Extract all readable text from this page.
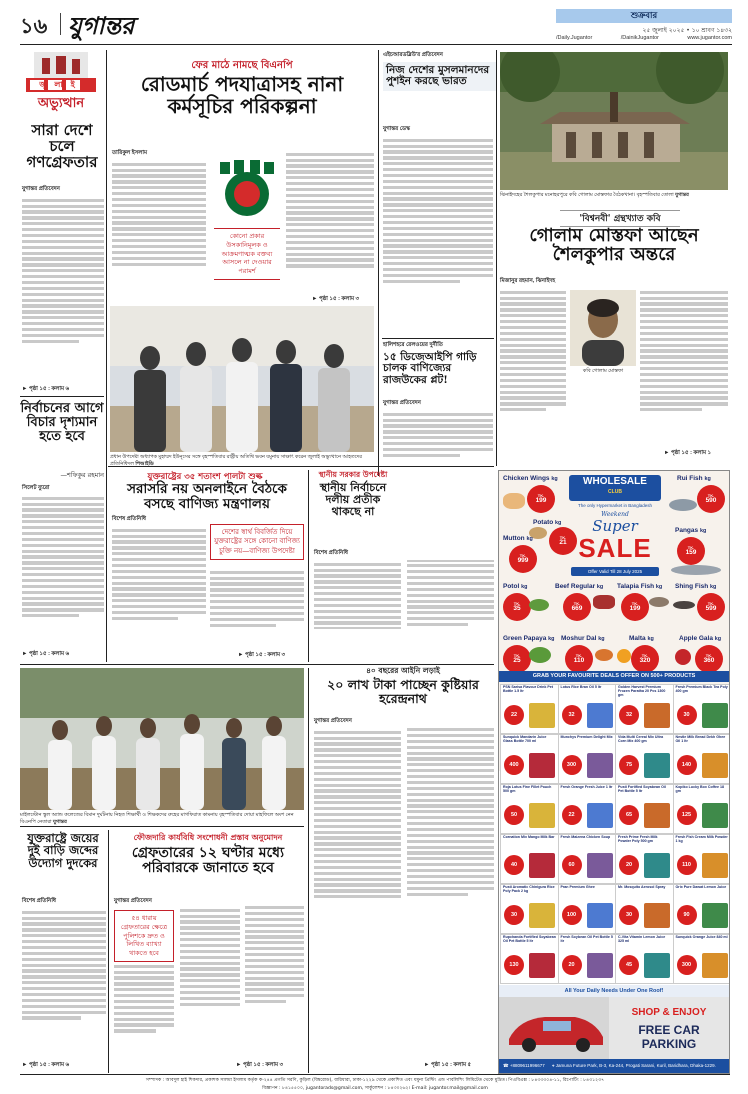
১৬ যুগান্তর	শুক্রবার
২৫ জুলাই ২০২৫ • ১০ শ্রাবণ ১৪৩২
/Daily.Jugantor	/DainikJugantor	www.jugantor.com
জুলাই
অভ্যুত্থান
সারা দেশে চলে গণগ্রেফতার
যুগান্তর প্রতিবেদন
► পৃষ্ঠা ১৫ : কলাম ৬
নির্বাচনের আগে বিচার দৃশ্যমান হতে হবে
—শফিকুর রহমান
সিলেট ব্যুরো
► পৃষ্ঠা ১৫ : কলাম ৬
ফের মাঠে নামছে বিএনপি
রোডমার্চ পদযাত্রাসহ নানা কর্মসূচির পরিকল্পনা
তারিকুল ইসলাম
কোনো প্রকার উসকানিমূলক ও আক্রমণাত্মক বক্তব্য আসলে না দেওয়ার পরামর্শ
► পৃষ্ঠা ১৫ : কলাম ৩
প্রধান উপদেষ্টা অধ্যাপক মুহাম্মদ ইউনূসের সঙ্গে বৃহস্পতিবার রাষ্ট্রীয় অতিথি ভবন যমুনায় সাক্ষাৎ করেন জুলাই অভ্যুত্থানে আহতদের প্রতিনিধিদল পিআইডি
এইচআরডব্লিউ'র প্রতিবেদন
নিজ দেশের মুসলমানদের পুশইন করছে ভারত
যুগান্তর ডেস্ক
হালিশহরে রেলওয়ের দুর্নীতি
১৫ ডিজেআইপি গাড়ি চালক বাণিজ্যের রাজউকের প্লট!
যুগান্তর প্রতিবেদন
ঝিনাইদহের শৈলকুপার মনোহরপুরে কবি গোলাম মোস্তফার বৈঠকখানা। বৃহস্পতিবার তোলা যুগান্তর
'বিশ্বনবী' গ্রন্থখ্যাত কবি
গোলাম মোস্তফা আছেন শৈলকুপার অন্তরে
মিজানুর রহমান, ঝিনাইদহ
কবি গোলাম মোস্তফা
► পৃষ্ঠা ১৫ : কলাম ১
যুক্তরাষ্ট্রের ৩৫ শতাংশ পালটা শুল্ক
সরাসরি নয় অনলাইনে বৈঠকে বসছে বাণিজ্য মন্ত্রণালয়
বিশেষ প্রতিনিধি
দেশের স্বার্থ বিবর্জিত দিয়ে যুক্তরাষ্ট্রের সঙ্গে কোনো বাণিজ্য চুক্তি নয়—বাণিজ্য উপদেষ্টা
► পৃষ্ঠা ১৫ : কলাম ৩
স্থানীয় সরকার উপদেষ্টা
স্থানীয় নির্বাচনে দলীয় প্রতীক থাকছে না
বিশেষ প্রতিনিধি
মাইলস্টোন স্কুল অ্যান্ড কলেজের বিমান দুর্ঘটনায় নিহত শিক্ষার্থী ও শিক্ষকদের রুহের মাগফিরাত কামনায় বৃহস্পতিবার দোয়া মাহফিলে অংশ নেন বিএনপি নেতারা যুগান্তর
৪০ বছরের আইনি লড়াই
২০ লাখ টাকা পাচ্ছেন কুষ্টিয়ার হরেন্দ্রনাথ
যুগান্তর প্রতিবেদন
► পৃষ্ঠা ১৫ : কলাম ৫
যুক্তরাষ্ট্রে জয়ের দুই বাড়ি জব্দের উদ্যোগ দুদকের
বিশেষ প্রতিনিধি
► পৃষ্ঠা ১৫ : কলাম ৬
ফৌজদারি কার্যবিধি সংশোধনী প্রস্তাব অনুমোদন
গ্রেফতারের ১২ ঘণ্টার মধ্যে পরিবারকে জানাতে হবে
যুগান্তর প্রতিবেদন
৫৪ ধারায় গ্রেফতারের ক্ষেত্রে পুলিশকে দ্রুত ও লিখিত ব্যাখ্যা থাকতে হবে
► পৃষ্ঠা ১৫ : কলাম ৩
WHOLESALE
CLUB
The only Hypermarket in Bangladesh
Weekend
Super
SALE
Offer Valid Till 28 July 2025
Chicken Wings kg
TK.
199
Rui Fish kg
TK.
590
Potato kg
TK.
21
Mutton kg
TK.
999
Pangas kg
TK.
159
Potol kg
TK.
35
Beef Regular kg
TK.
669
Talapia Fish kg
TK.
199
Shing Fish kg
TK.
599
Green Papaya kg
TK.
25
Moshur Dal kg
TK.
110
Malta kg
TK.
320
Apple Gala kg
TK.
360
GRAB YOUR FAVOURITE DEALS OFFER ON 500+ PRODUCTS
PSN Sarisa Flavour Drink Pet Bottle 1.5 ltr
22
Lotus Rice Bran Oil 5 ltr
32
Golden Harvest Premium Frozen Paratha 20 Pcs 1300 gm
32
Fresh Premium Black Tea Poly 400 gm
30
Sunquick Mandarin Juice Glass Bottle 700 ml
400
Munchys Premium Delight Mix
300
Vida Multi Cereal Mix Ultra Corn Mix 400 gm
75
Nestle Milk Bread Dekh Ghee Oil 1 ltr
140
Roja Lotus Fine Fillet Pouch 500 gm
50
Fresh Orange Fresh Juice 1 ltr
22
Pusti Fortified Soyabean Oil Pet Bottle 5 ltr
65
Kopiko Lucky Box Coffee 18 gm
125
Cornation Mix Mango Milk Bar
40
Fresh Maizena Chicken Soup
60
Fresh Prime Fresh Milk Powder Poly 500 gm
20
Fresh Fish Cream Milk Powder 1 kg
110
Pusti Aromatic Chinigura Rice Poly Pack 2 kg
30
Pran Premium Ghee
100
Mr. Mosquito Aerosol Spray
30
Orix Pure Dawat Lemon Juice
90
Rupchanda Fortified Soyabean Oil Pet Bottle 5 ltr
130
Fresh Soybean Oil Pet Bottle 5 ltr
20
C-Vita Vitamin Lemon Juice 325 ml
45
Sunquick Orange Juice 840 ml
300
All Your Daily Needs Under One Roof!
SHOP & ENJOY
FREE CAR PARKING
☎ +8809611996677 ⌖ Jamuna Future Park, B-3, Ka-244, Progati Sarani, Kuril, Baridhara, Dhaka-1229.
সম্পাদক : আবদুল হাই শিকদার, প্রকাশক সালমা ইসলাম কর্তৃক ক-২৪৪ প্রগতি সরণি, কুড়িল (বিশ্বরোড), বারিধারা, ঢাকা-১২২৯ থেকে প্রকাশিত এবং যমুনা প্রিন্টিং এন্ড পাবলিশিং লিমিটেড থেকে মুদ্রিত। পিএবিএক্স : ৮৪৩৩৩০৪-১১, রিপোর্টিং : ৮৪৩১২৩৭
বিজ্ঞাপন : ৮৪১৫৫০০, jugantorads@gmail.com, সার্কুলেশন : ৮৪৩০২৬২। E-mail: jugantor.mail@gmail.com
